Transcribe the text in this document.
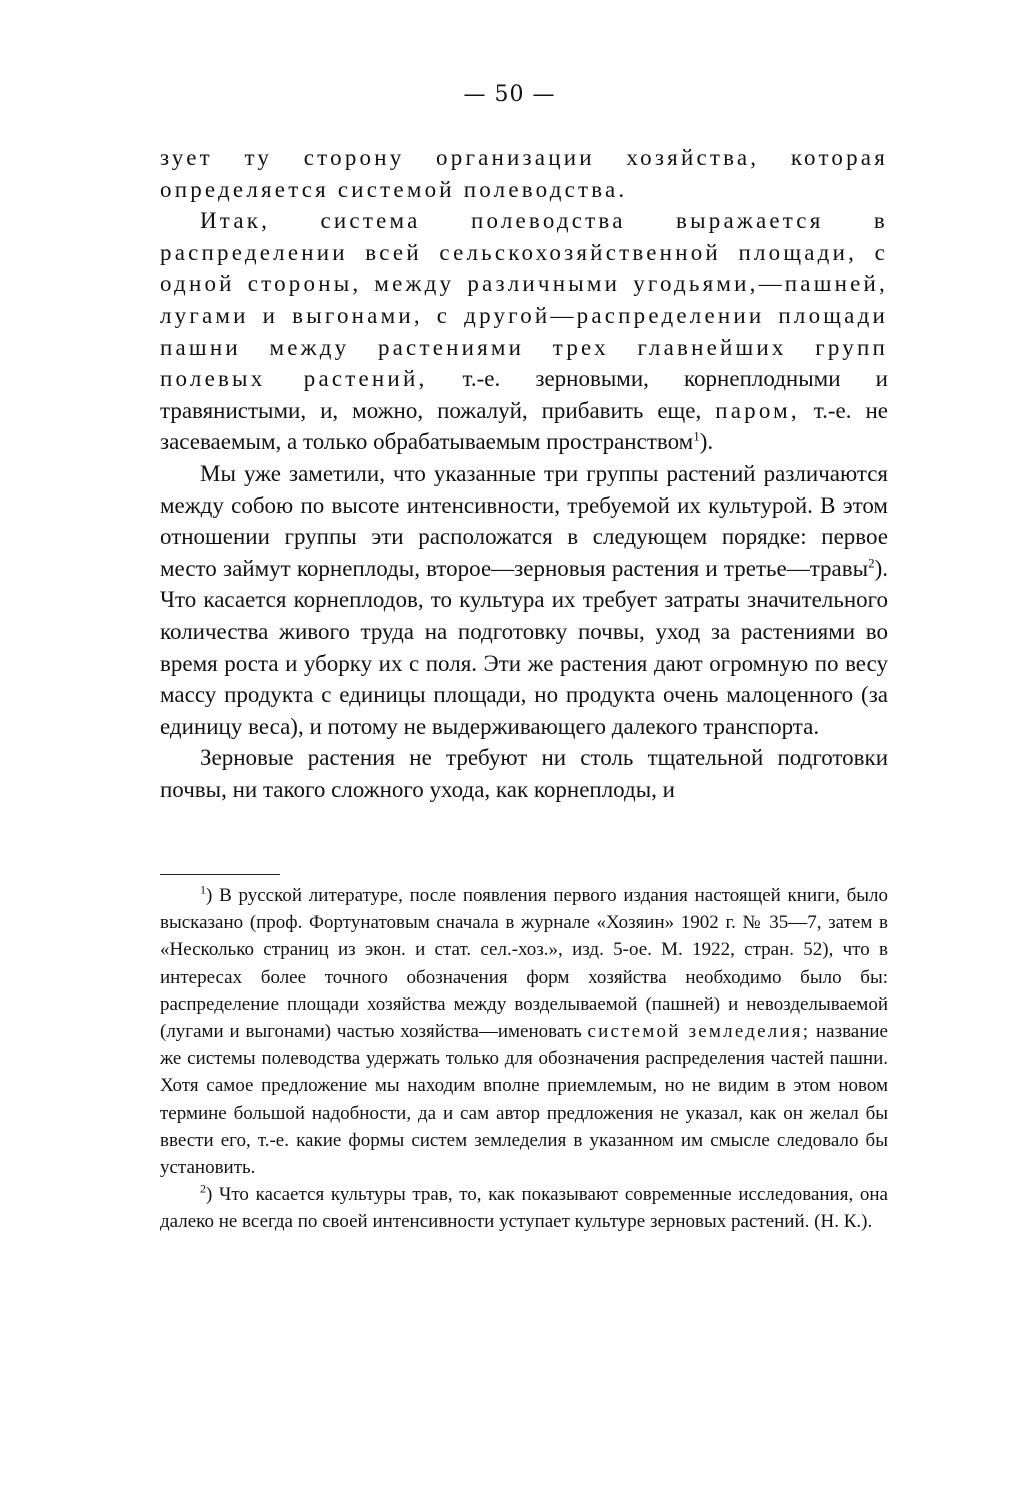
— 50 —

зует ту сторону организации хозяйства, которая определяется системой полеводства.

Итак, система полеводства выражается в распределении всей сельскохозяйственной площади, с одной стороны, между различными угодьями,—пашней, лугами и выгонами, с другой—распределении площади пашни между растениями трех главнейших групп полевых растений, т.-е. зерновыми, корнеплодными и травянистыми, и, можно, пожалуй, прибавить еще, паром, т.-е. не засеваемым, а только обрабатываемым пространством$^1$).

Мы уже заметили, что указанные три группы растений различаются между собою по высоте интенсивности, требуемой их культурой. В этом отношении группы эти расположатся в следующем порядке: первое место займут корнеплоды, второе—зерновыя растения и третье—травы$^2$). Что касается корнеплодов, то культура их требует затраты значительного количества живого труда на подготовку почвы, уход за растениями во время роста и уборку их с поля. Эти же растения дают огромную по весу массу продукта с единицы площади, но продукта очень малоценного (за единицу веса), и потому не выдерживающего далекого транспорта.

Зерновые растения не требуют ни столь тщательной подготовки почвы, ни такого сложного ухода, как корнеплоды, и

$^1$) В русской литературе, после появления первого издания настоящей книги, было высказано (проф. Фортунатовым сначала в журнале «Хозяин» 1902 г. № 35—7, затем в «Несколько страниц из экон. и стат. сел.-хоз.», изд. 5-ое. М. 1922, стран. 52), что в интересах более точного обозначения форм хозяйства необходимо было бы: распределение площади хозяйства между возделываемой (пашней) и невозделываемой (лугами и выгонами) частью хозяйства—именовать системой земледелия; название же системы полеводства удержать только для обозначения распределения частей пашни. Хотя самое предложение мы находим вполне приемлемым, но не видим в этом новом термине большой надобности, да и сам автор предложения не указал, как он желал бы ввести его, т.-е. какие формы систем земледелия в указанном им смысле следовало бы установить.

$^2$) Что касается культуры трав, то, как показывают современные исследования, она далеко не всегда по своей интенсивности уступает культуре зерновых растений. (Н. К.).
